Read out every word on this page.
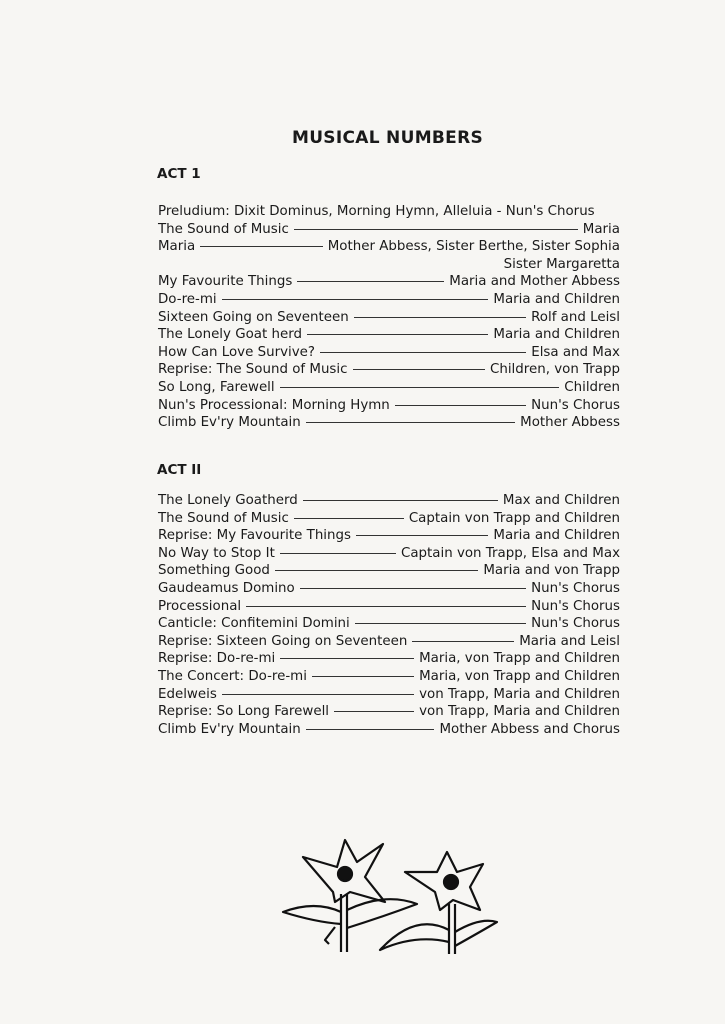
MUSICAL NUMBERS
ACT 1
Preludium: Dixit Dominus, Morning Hymn, Alleluia - Nun's Chorus
The Sound of Music	Maria
Maria	Mother Abbess, Sister Berthe, Sister Sophia
Sister Margaretta
My Favourite Things	Maria and Mother Abbess
Do-re-mi	Maria and Children
Sixteen Going on Seventeen	Rolf and Leisl
The Lonely Goat herd	Maria and Children
How Can Love Survive?	Elsa and Max
Reprise: The Sound of Music	Children, von Trapp
So Long, Farewell	Children
Nun's Processional: Morning Hymn	Nun's Chorus
Climb Ev'ry Mountain	Mother Abbess
ACT II
The Lonely Goatherd	Max and Children
The Sound of Music	Captain von Trapp and Children
Reprise: My Favourite Things	Maria and Children
No Way to Stop It	Captain von Trapp, Elsa and Max
Something Good	Maria and von Trapp
Gaudeamus Domino	Nun's Chorus
Processional	Nun's Chorus
Canticle: Confitemini Domini	Nun's Chorus
Reprise: Sixteen Going on Seventeen	Maria and Leisl
Reprise: Do-re-mi	Maria, von Trapp and Children
The Concert: Do-re-mi	Maria, von Trapp and Children
Edelweis	von Trapp, Maria and Children
Reprise: So Long Farewell	von Trapp, Maria and Children
Climb Ev'ry Mountain	Mother Abbess and Chorus
